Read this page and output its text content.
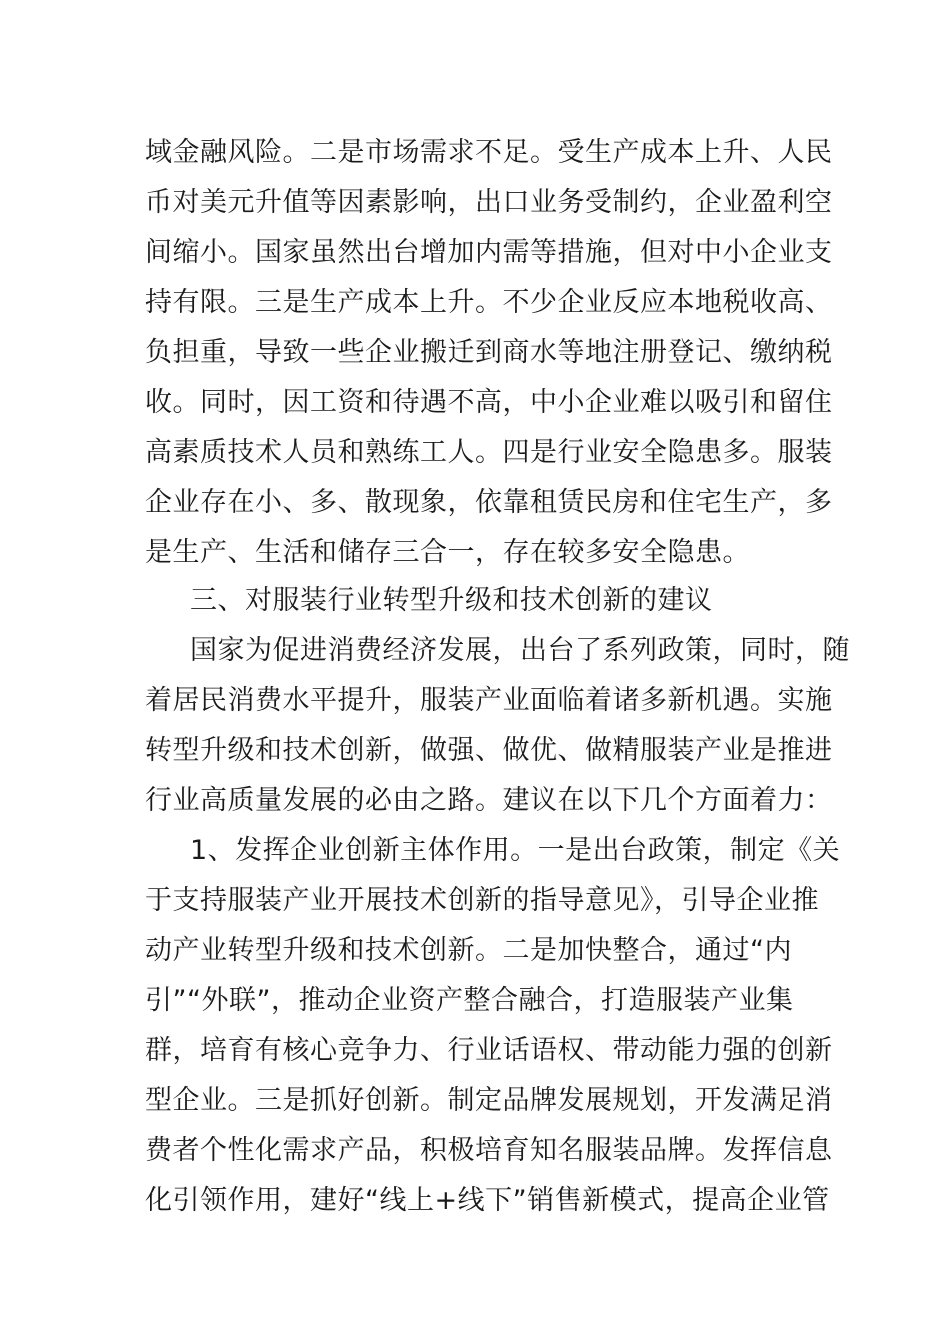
域金融风险。二是市场需求不足。受生产成本上升、人民
币对美元升值等因素影响，出口业务受制约，企业盈利空
间缩小。国家虽然出台增加内需等措施，但对中小企业支
持有限。三是生产成本上升。不少企业反应本地税收高、
负担重，导致一些企业搬迁到商水等地注册登记、缴纳税
收。同时，因工资和待遇不高，中小企业难以吸引和留住
高素质技术人员和熟练工人。四是行业安全隐患多。服装
企业存在小、多、散现象，依靠租赁民房和住宅生产，多
是生产、生活和储存三合一，存在较多安全隐患。
三、对服装行业转型升级和技术创新的建议
国家为促进消费经济发展，出台了系列政策，同时，随
着居民消费水平提升，服装产业面临着诸多新机遇。实施
转型升级和技术创新，做强、做优、做精服装产业是推进
行业高质量发展的必由之路。建议在以下几个方面着力：
1、发挥企业创新主体作用。一是出台政策，制定《关
于支持服装产业开展技术创新的指导意见》，引导企业推
动产业转型升级和技术创新。二是加快整合，通过“内
引”“外联”，推动企业资产整合融合，打造服装产业集
群，培育有核心竞争力、行业话语权、带动能力强的创新
型企业。三是抓好创新。制定品牌发展规划，开发满足消
费者个性化需求产品，积极培育知名服装品牌。发挥信息
化引领作用，建好“线上+线下”销售新模式，提高企业管
